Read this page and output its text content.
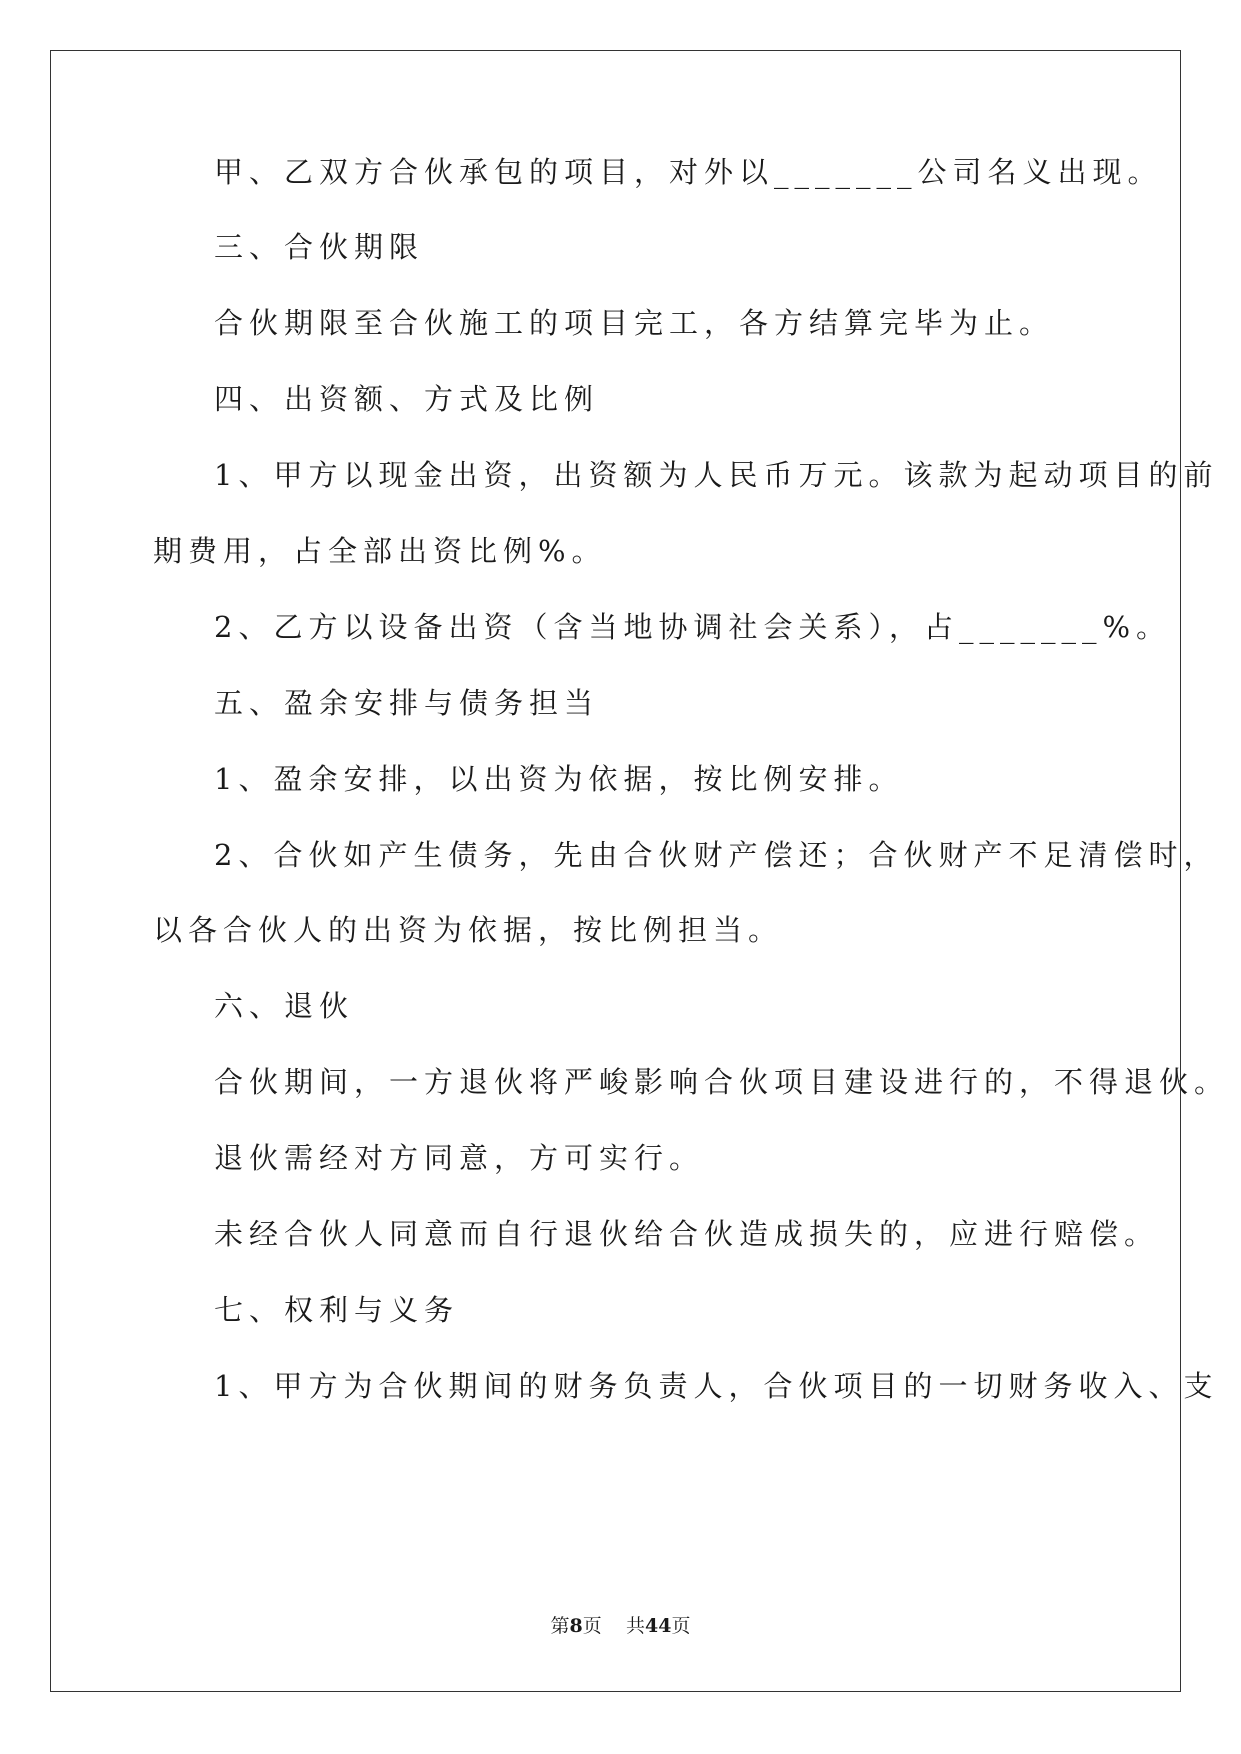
甲、乙双方合伙承包的项目，对外以_______公司名义出现。
三、合伙期限
合伙期限至合伙施工的项目完工，各方结算完毕为止。
四、出资额、方式及比例
1、甲方以现金出资，出资额为人民币万元。该款为起动项目的前
期费用，占全部出资比例%。
2、乙方以设备出资（含当地协调社会关系），占_______%。
五、盈余安排与债务担当
1、盈余安排，以出资为依据，按比例安排。
2、合伙如产生债务，先由合伙财产偿还；合伙财产不足清偿时，
以各合伙人的出资为依据，按比例担当。
六、退伙
合伙期间，一方退伙将严峻影响合伙项目建设进行的，不得退伙。
退伙需经对方同意，方可实行。
未经合伙人同意而自行退伙给合伙造成损失的，应进行赔偿。
七、权利与义务
1、甲方为合伙期间的财务负责人，合伙项目的一切财务收入、支
第8页 共44页
